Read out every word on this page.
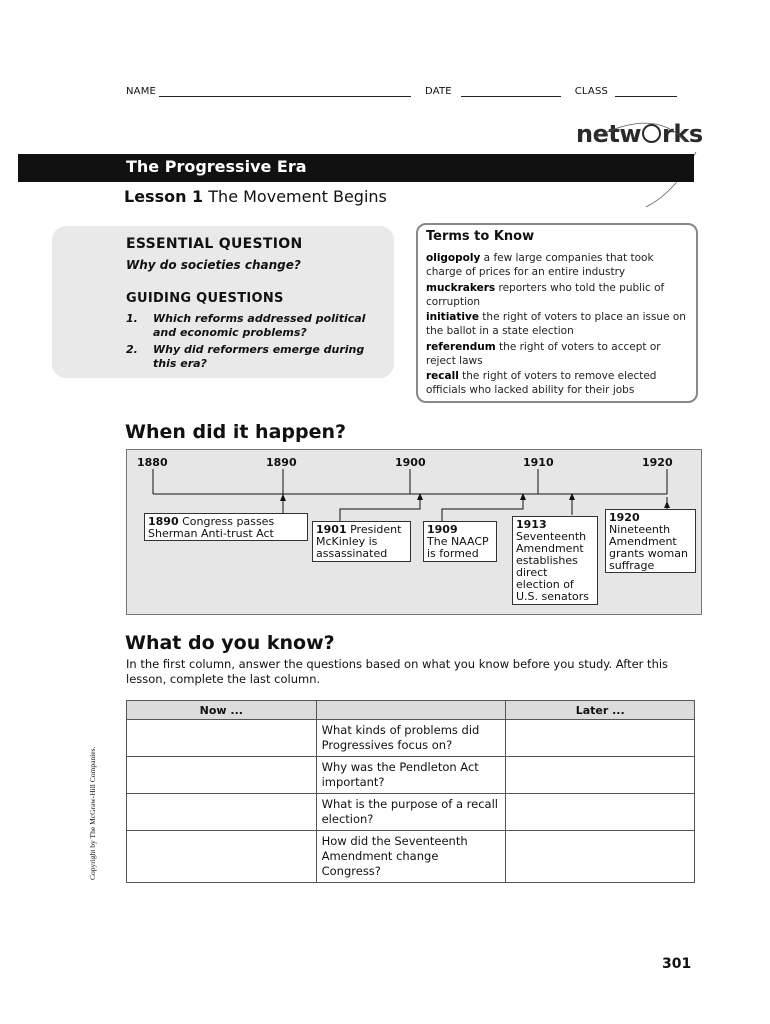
NAME	DATE	CLASS
netw rks
The Progressive Era
Lesson 1 The Movement Begins
ESSENTIAL QUESTION
Why do societies change?
GUIDING QUESTIONS
1. Which reforms addressed political and economic problems?
2. Why did reformers emerge during this era?
Terms to Know
oligopoly a few large companies that took charge of prices for an entire industry
muckrakers reporters who told the public of corruption
initiative the right of voters to place an issue on the ballot in a state election
referendum the right of voters to accept or reject laws
recall the right of voters to remove elected officials who lacked ability for their jobs
When did it happen?
1880	1890	1900	1910	1920
1890 Congress passes Sherman Anti-trust Act	1901 President McKinley is assassinated
1909
The NAACP is formed
1913
Seventeenth Amendment establishes direct election of U.S. senators
1920
Nineteenth Amendment grants woman suffrage
What do you know?
In the first column, answer the questions based on what you know before you study. After this lesson, complete the last column.
Now ...		Later ...
	What kinds of problems did Progressives focus on?	
	Why was the Pendleton Act important?	
	What is the purpose of a recall election?	
	How did the Seventeenth Amendment change Congress?	
Copyright by The McGraw-Hill Companies.
301
